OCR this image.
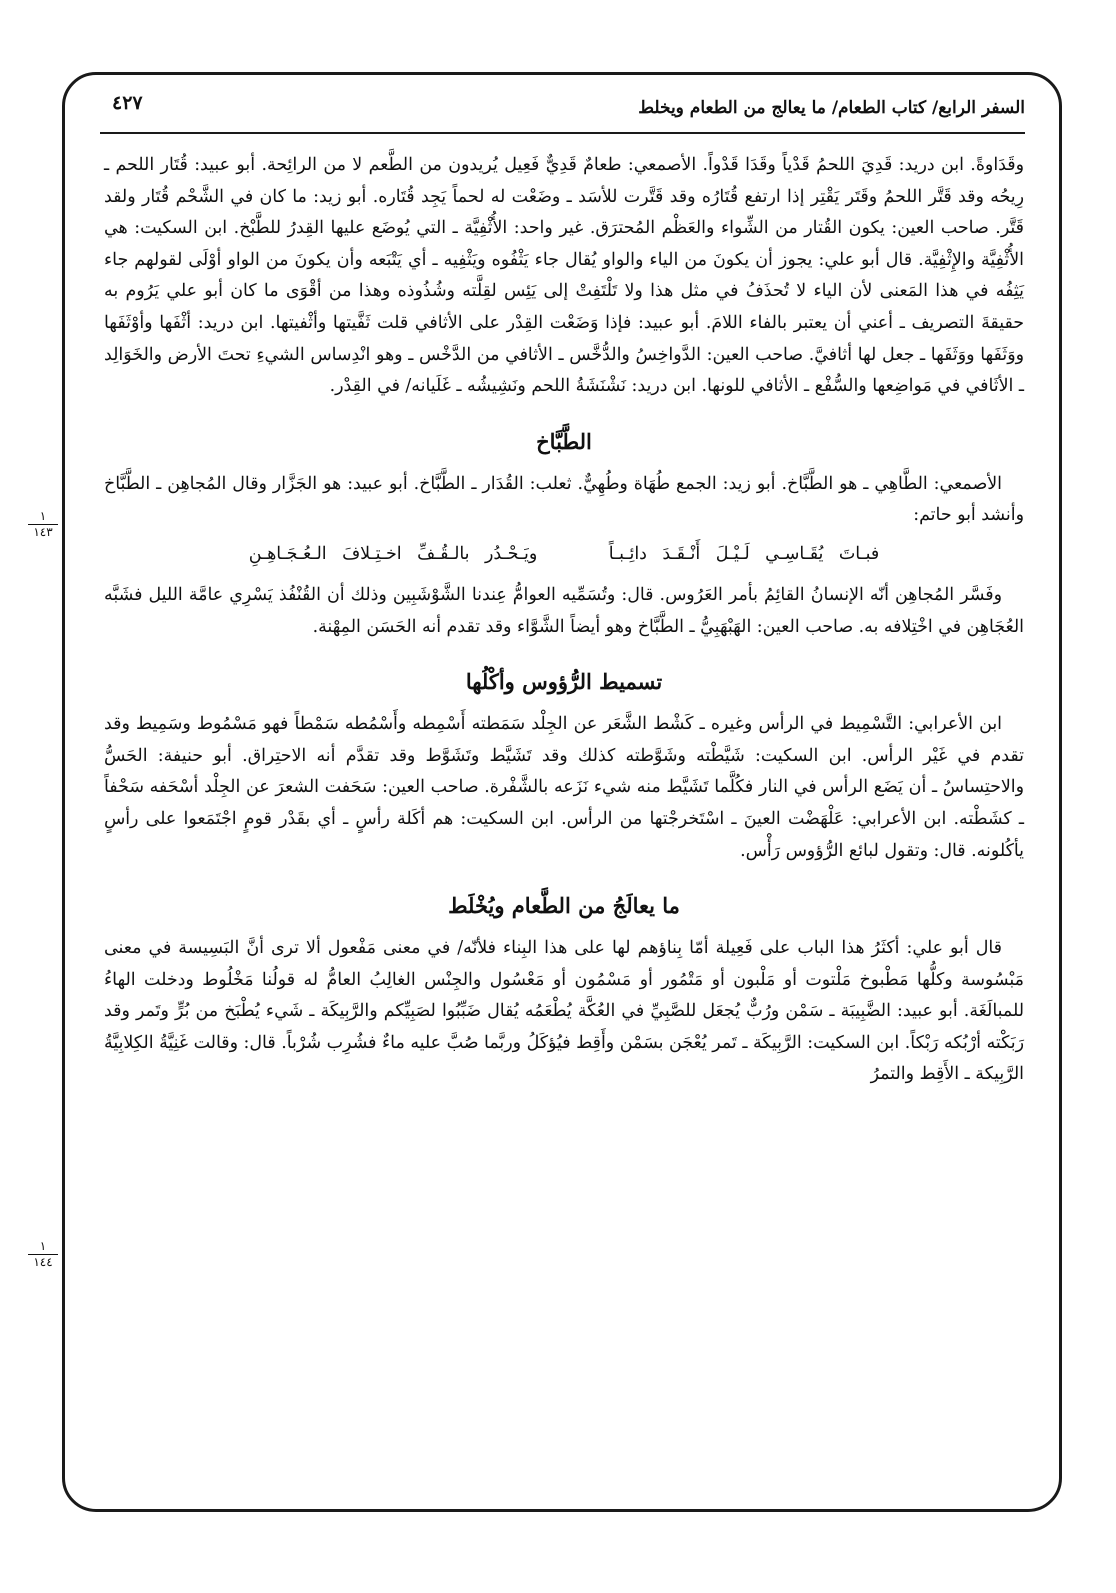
السفر الرابع/ كتاب الطعام/ ما يعالج من الطعام ويخلط
٤٢٧
١
١٤٣
١
١٤٤

وقَدَاوةً. ابن دريد: قَدِيَ اللحمُ قَدْياً وقَدَا قَدْواً. الأصمعي: طعامٌ قَدِيٌّ فَعِيل يُريدون من الطَّعم لا من الرائِحة. أبو عبيد: قُتَار اللحم ـ رِيحُه وقد قَتَّر اللحمُ وقَتَر يَقْتِر إذا ارتفع قُتَارُه وقد قَتَّرت للأسَد ـ وضَعْت له لحماً يَجِد قُتَاره. أبو زيد: ما كان في الشَّحْم قُتَار ولقد قَتَّر. صاحب العين: يكون القُتار من الشِّواء والعَظْم المُحترَق. غير واحد: الأُثْفِيَّة ـ التي يُوضَع عليها القِدرُ للطَّبْخ. ابن السكيت: هي الأُثْفِيَّة والإِثْفِيَّة. قال أبو علي: يجوز أن يكونَ من الياء والواو يُقال جاء يَثْفُوه ويَثْفِيه ـ أي يَتْبَعه وأن يكونَ من الواو أوْلَى لقولهم جاء يَثِفُه في هذا المَعنى لأن الياء لا تُحذَفُ في مثل هذا ولا تَلْتَفِتْ إلى يَئِس لقِلَّته وشُذُوذه وهذا من أقْوَى ما كان أبو علي يَرُوم به حقيقةَ التصريف ـ أعني أن يعتبر بالفاء اللامَ. أبو عبيد: فإذا وَضَعْت القِدْر على الأثافي قلت ثَفَّيتها وأثْفيتها. ابن دريد: أثْفَها وأوْثَفَها ووَثَفَها ووَثَفَها ـ جعل لها أثافيَّ. صاحب العين: الدَّواخِسُ والدُّخَّس ـ الأثافي من الدَّخْس ـ وهو انْدِساس الشيءِ تحتَ الأرض والخَوَالِد ـ الأثَافي في مَواضِعها والسُّفْع ـ الأثافي للونها. ابن دريد: نَشْنَشَةُ اللحم ونَشِيشُه ـ غَلَيانه/ في القِدْر.

الطَّبَّاخ

الأصمعي: الطَّاهِي ـ هو الطَّبَّاخ. أبو زيد: الجمع طُهَاة وطُهِيٌّ. ثعلب: القُدَار ـ الطَّبَّاخ. أبو عبيد: هو الجَزَّار وقال المُجاهِن ـ الطَّبَّاخ وأنشد أبو حاتم:

فبـاتَ يُقَـاسِـي لَـيْـلَ أَنْـقَـدَ دائِـبـاً ويَـحْـدُر بالـقُـفِّ اخـتِـلافَ الـعُـجَـاهِـنِ

وفَسَّر المُجاهِن أنّه الإنسانُ القائِمُ بأمر العَرُوس. قال: وتُسَمِّيه العوامُّ عِندنا الشَّوْشَبِين وذلك أن القُنْفُذ يَسْرِي عامَّة الليل فشَبَّه العُجَاهِن في اخْتِلافه به. صاحب العين: الهَبْهَبِيُّ ـ الطَّبَّاخ وهو أيضاً الشَّوَّاء وقد تقدم أنه الحَسَن المِهْنة.

تسميط الرُّؤوس وأكْلُها

ابن الأعرابي: التَّسْمِيط في الرأس وغيره ـ كَشْط الشَّعَر عن الجِلْد سَمَطته أَسْمِطه وأَسْمُطه سَمْطاً فهو مَسْمُوط وسَمِيط وقد تقدم في غَيْر الرأس. ابن السكيت: شَيَّطْته وشَوَّطته كذلك وقد تَشَيَّط وتَشَوَّط وقد تقدَّم أنه الاحتِراق. أبو حنيفة: الحَسُّ والاحتِساسُ ـ أن يَضَع الرأس في النار فكُلَّما تَشَيَّط منه شيء نَزَعه بالشَّفْرة. صاحب العين: سَحَفت الشعرَ عن الجِلْد أسْحَفه سَحْفاً ـ كشَطْته. ابن الأعرابي: عَلْهَضْت العينَ ـ اسْتَخرجْتها من الرأس. ابن السكيت: هم أكَلة رأسٍ ـ أي بقَدْر قومٍ اجْتَمَعوا على رأسٍ يأكُلونه. قال: وتقول لبائع الرُّؤوس رَأْس.

ما يعالَجُ من الطَّعام ويُخْلَط

قال أبو علي: أكثَرُ هذا الباب على فَعِيلة أمّا بِناؤهم لها على هذا البِناء فلأنّه/ في معنى مَفْعول ألا ترى أنَّ البَسِيسة في معنى مَبْسُوسة وكلُّها مَطْبوخ مَلْتوت أو مَلْبون أو مَتْمُور أو مَسْمُون أو مَعْسُول والجِنْس الغالِبُ العامُّ له قولُنا مَخْلُوط ودخلت الهاءُ للمبالَغَة. أبو عبيد: الضَّبِيبَة ـ سَمْن ورُبٌّ يُجعَل للصَّبِيِّ في العُكَّة يُطْعَمُه يُقال ضَبِّبُوا لصَبِيِّكم والرَّبِيكَة ـ شَيء يُطْبَخ من بُرٍّ وتَمر وقد رَبَكْته أرْبُكه رَبْكاً. ابن السكيت: الرَّبِيكَة ـ تَمر يُعْجَن بسَمْن وأَقِط فيُؤكَلُ وربَّما صُبَّ عليه ماءٌ فشُرِب شُرْباً. قال: وقالت غَنِيَّةُ الكِلابِيَّةُ الرَّبِيكة ـ الأَقِط والتمرُ
